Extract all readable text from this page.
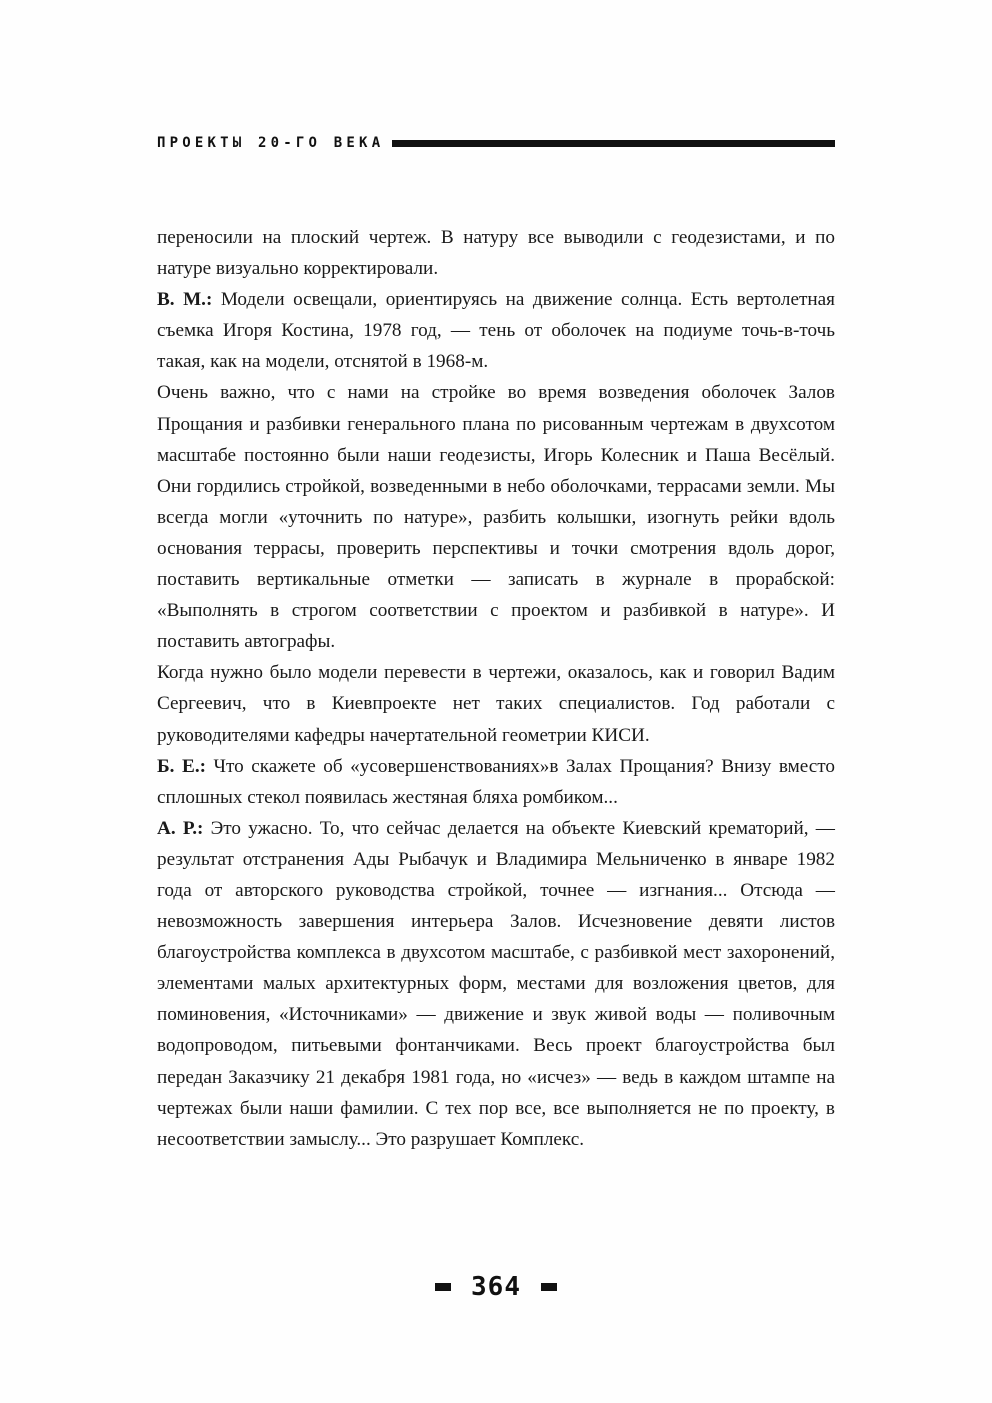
ПРОЕКТЫ 20-ГО ВЕКА

переносили на плоский чертеж. В натуру все выводили с геодезистами, и по натуре визуально корректировали.

В. М.: Модели освещали, ориентируясь на движение солнца. Есть вертолетная съемка Игоря Костина, 1978 год, — тень от оболочек на подиуме точь-в-точь такая, как на модели, отснятой в 1968-м.

Очень важно, что с нами на стройке во время возведения оболочек Залов Прощания и разбивки генерального плана по рисованным чертежам в двухсотом масштабе постоянно были наши геодезисты, Игорь Колесник и Паша Весёлый. Они гордились стройкой, возведенными в небо оболочками, террасами земли. Мы всегда могли «уточнить по натуре», разбить колышки, изогнуть рейки вдоль основания террасы, проверить перспективы и точки смотрения вдоль дорог, поставить вертикальные отметки — записать в журнале в прорабской: «Выполнять в строгом соответствии с проектом и разбивкой в натуре». И поставить автографы.

Когда нужно было модели перевести в чертежи, оказалось, как и говорил Вадим Сергеевич, что в Киевпроекте нет таких специалистов. Год работали с руководителями кафедры начертательной геометрии КИСИ.

Б. Е.: Что скажете об «усовершенствованиях»в Залах Прощания? Внизу вместо сплошных стекол появилась жестяная бляха ромбиком...

А. Р.: Это ужасно. То, что сейчас делается на объекте Киевский крематорий, — результат отстранения Ады Рыбачук и Владимира Мельниченко в январе 1982 года от авторского руководства стройкой, точнее — изгнания... Отсюда — невозможность завершения интерьера Залов. Исчезновение девяти листов благоустройства комплекса в двухсотом масштабе, с разбивкой мест захоронений, элементами малых архитектурных форм, местами для возложения цветов, для поминовения, «Источниками» — движение и звук живой воды — поливочным водопроводом, питьевыми фонтанчиками. Весь проект благоустройства был передан Заказчику 21 декабря 1981 года, но «исчез» — ведь в каждом штампе на чертежах были наши фамилии. С тех пор все, все выполняется не по проекту, в несоответствии замыслу... Это разрушает Комплекс.

364
